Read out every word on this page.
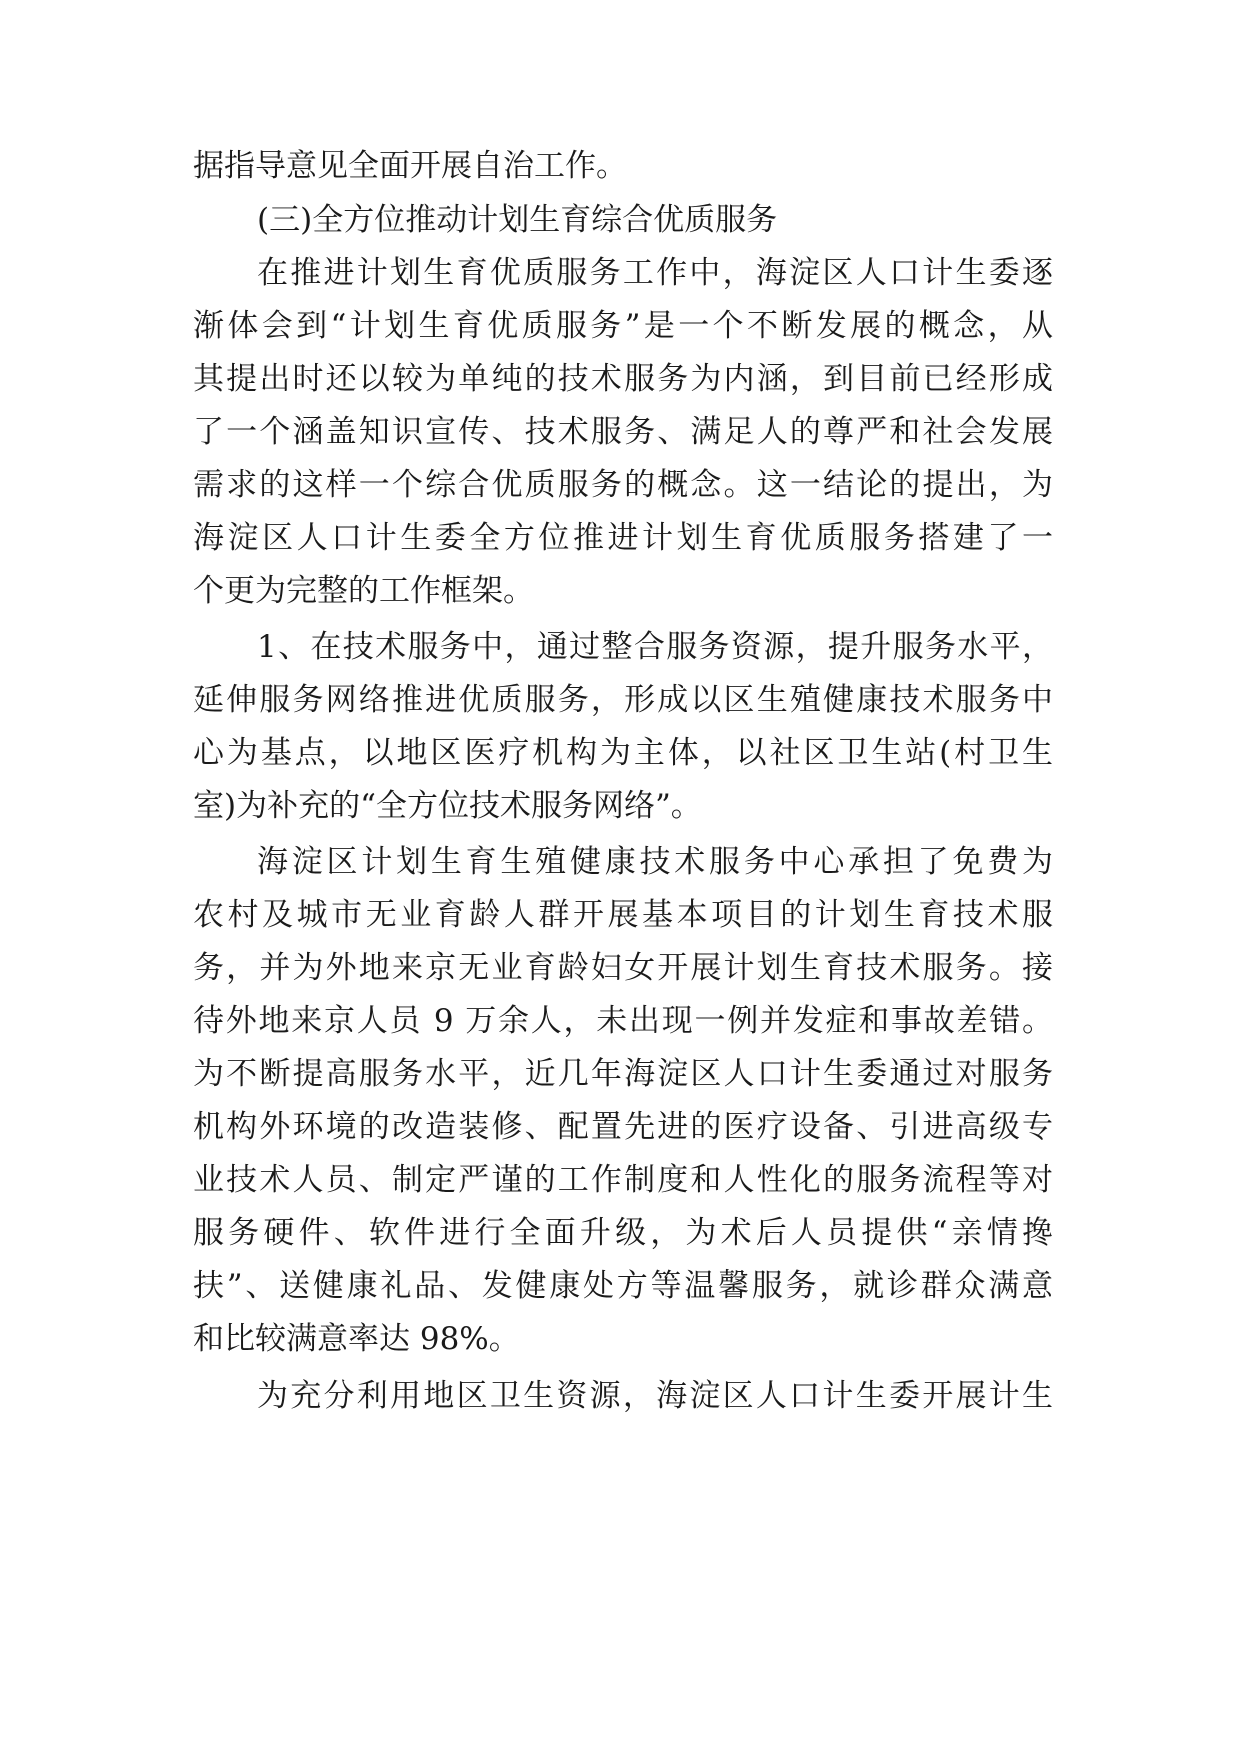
据指导意见全面开展自治工作。
(三)全方位推动计划生育综合优质服务
在推进计划生育优质服务工作中，海淀区人口计生委逐
渐体会到“计划生育优质服务”是一个不断发展的概念，从
其提出时还以较为单纯的技术服务为内涵，到目前已经形成
了一个涵盖知识宣传、技术服务、满足人的尊严和社会发展
需求的这样一个综合优质服务的概念。这一结论的提出，为
海淀区人口计生委全方位推进计划生育优质服务搭建了一
个更为完整的工作框架。
1、在技术服务中，通过整合服务资源，提升服务水平，
延伸服务网络推进优质服务，形成以区生殖健康技术服务中
心为基点，以地区医疗机构为主体，以社区卫生站(村卫生
室)为补充的“全方位技术服务网络”。
海淀区计划生育生殖健康技术服务中心承担了免费为
农村及城市无业育龄人群开展基本项目的计划生育技术服
务，并为外地来京无业育龄妇女开展计划生育技术服务。接
待外地来京人员 9 万余人，未出现一例并发症和事故差错。
为不断提高服务水平，近几年海淀区人口计生委通过对服务
机构外环境的改造装修、配置先进的医疗设备、引进高级专
业技术人员、制定严谨的工作制度和人性化的服务流程等对
服务硬件、软件进行全面升级，为术后人员提供“亲情搀
扶”、送健康礼品、发健康处方等温馨服务，就诊群众满意
和比较满意率达 98%。
为充分利用地区卫生资源，海淀区人口计生委开展计生
